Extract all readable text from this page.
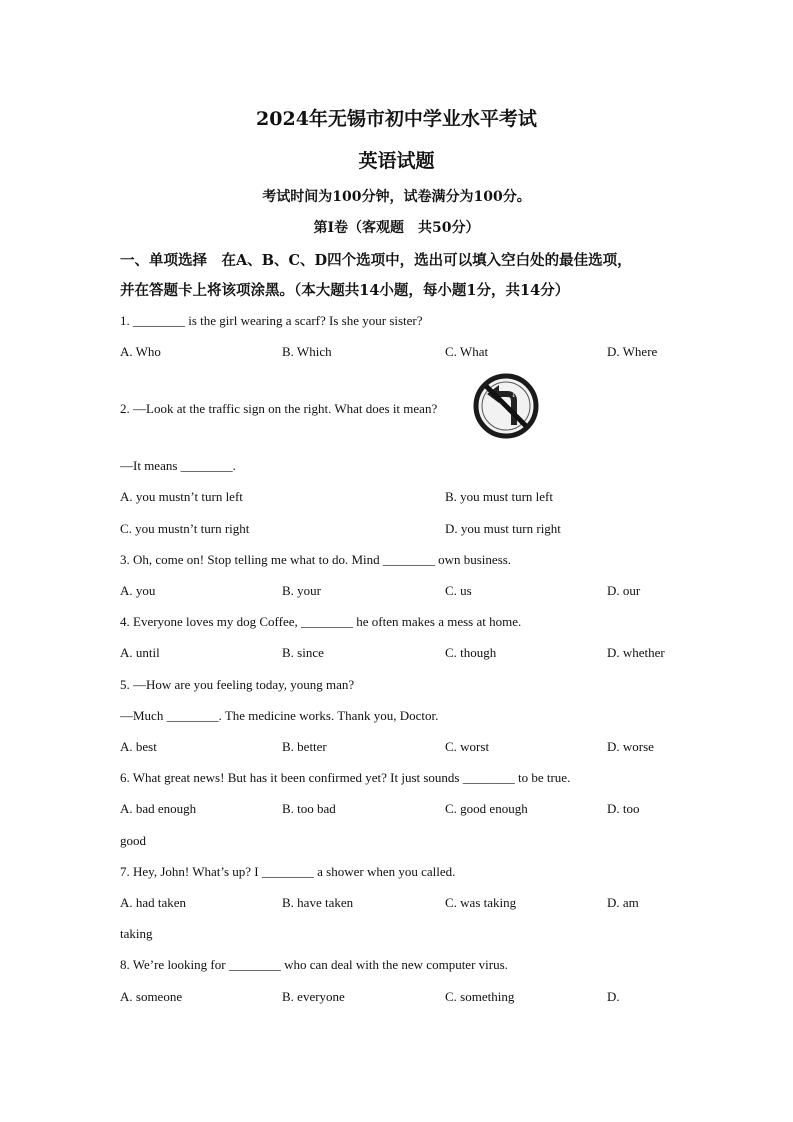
2024年无锡市初中学业水平考试
英语试题

考试时间为100分钟，试卷满分为100分。

第I卷（客观题　共50分）

一、单项选择　在A、B、C、D四个选项中，选出可以填入空白处的最佳选项，

并在答题卡上将该项涂黑。（本大题共14小题，每小题1分，共14分）

1. ________ is the girl wearing a scarf? Is she your sister?

A. Who	B. Which	C. What	D. Where

2. —Look at the traffic sign on the right. What does it mean?

↓

—It means ________.

A. you mustn’t turn left	B. you must turn left

C. you mustn’t turn right	D. you must turn right

3. Oh, come on! Stop telling me what to do. Mind ________ own business.

A. you	B. your	C. us	D. our

4. Everyone loves my dog Coffee, ________ he often makes a mess at home.

A. until	B. since	C. though	D. whether

5. —How are you feeling today, young man?

—Much ________. The medicine works. Thank you, Doctor.

A. best	B. better	C. worst	D. worse

6. What great news! But has it been confirmed yet? It just sounds ________ to be true.

A. bad enough	B. too bad	C. good enough	D. too

good

7. Hey, John! What’s up? I ________ a shower when you called.

A. had taken	B. have taken	C. was taking	D. am

taking

8. We’re looking for ________ who can deal with the new computer virus.

A. someone	B. everyone	C. something	D.
